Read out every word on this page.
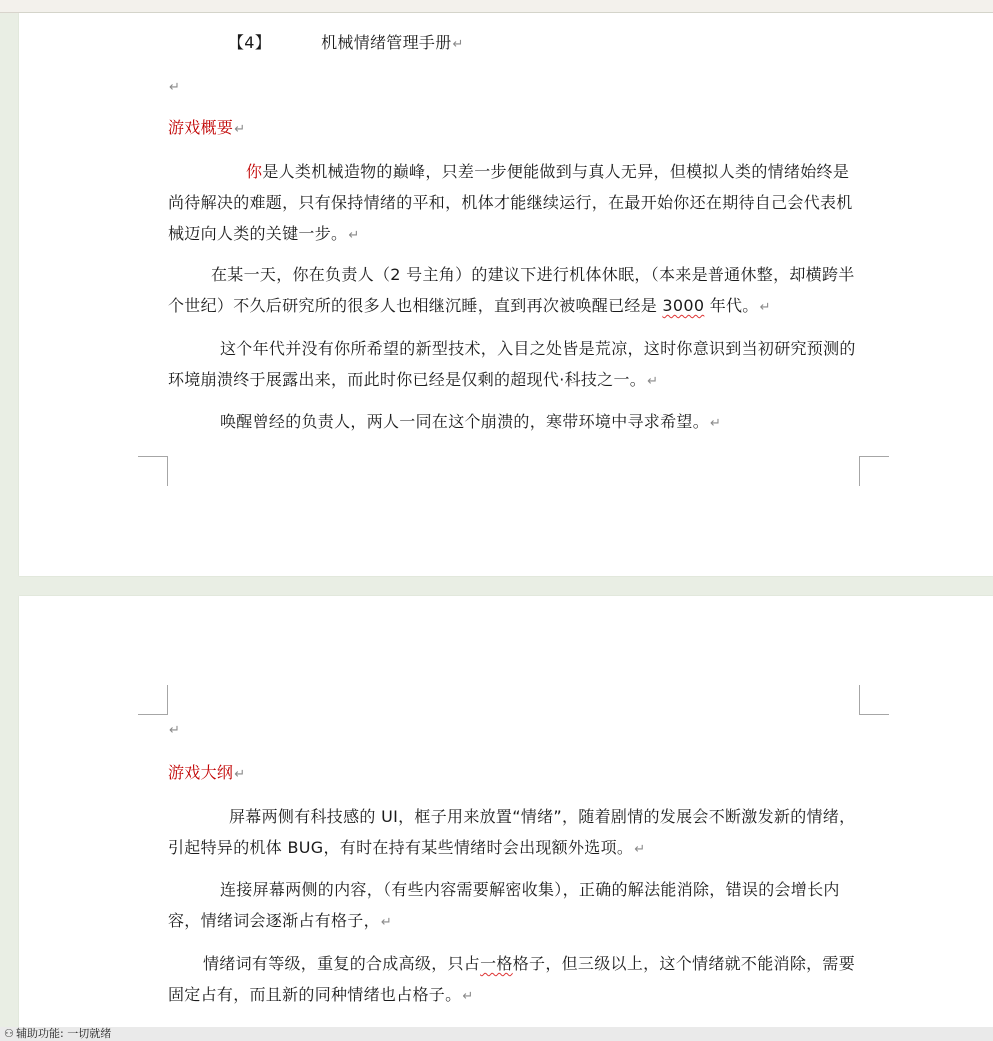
【4】	机械情绪管理手册↵
↵
游戏概要↵
你是人类机械造物的巅峰，只差一步便能做到与真人无异，但模拟人类的情绪始终是尚待解决的难题，只有保持情绪的平和，机体才能继续运行，在最开始你还在期待自己会代表机械迈向人类的关键一步。↵
在某一天，你在负责人（2 号主角）的建议下进行机体休眠，（本来是普通休整，却横跨半个世纪）不久后研究所的很多人也相继沉睡，直到再次被唤醒已经是 3000 年代。↵
这个年代并没有你所希望的新型技术，入目之处皆是荒凉，这时你意识到当初研究预测的环境崩溃终于展露出来，而此时你已经是仅剩的超现代·科技之一。↵
唤醒曾经的负责人，两人一同在这个崩溃的，寒带环境中寻求希望。↵
↵
游戏大纲↵
屏幕两侧有科技感的 UI，框子用来放置“情绪”，随着剧情的发展会不断激发新的情绪，引起特异的机体 BUG，有时在持有某些情绪时会出现额外选项。↵
连接屏幕两侧的内容，（有些内容需要解密收集），正确的解法能消除，错误的会增长内容，情绪词会逐渐占有格子，↵
情绪词有等级，重复的合成高级，只占一格格子，但三级以上，这个情绪就不能消除，需要固定占有，而且新的同种情绪也占格子。↵
⚇ 辅助功能: 一切就绪
